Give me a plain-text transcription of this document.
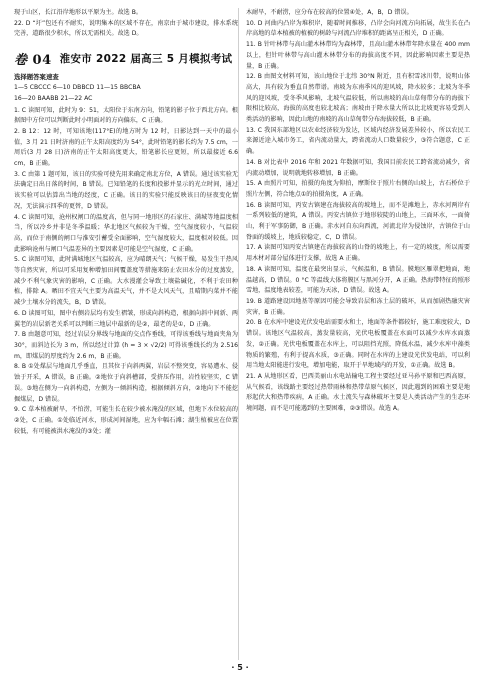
现于山区，长江沿岸地形以平原为主。故选 B。

22. D “圩”包还有不耐实，说明集本的区域不存在，南京由于城市建设，排水系统完善，道路很少积水，所以无需相关。故选 D。

卷 04 淮安市 2022 届高三 5 月模拟考试
选择题答案速查
1—5 CBCCC 6—10 DBBCD 11—15 BBCBA
16—20 BAABB 21—22 AC

1. C 读图可知，此时为 9：51，太阳位于东南方向，铅笔的影子位于西北方向。根据图中方位可以判断此时小明面对的方向偏东，C 正确。

2. B 12：12 时，可知该地(117°E)的地方时为 12 时，日影达到一天中的最小值，3 月 21 日时济南的正午太阳高度约为 54°，此时铅笔的影长约为 7.5 cm，一周后(3 月 28 日)济南的正午太阳高度更大，铅笔影长应更短，所以最接近 6.6 cm，B 正确。

3. C 由第 1 题可知，该日的实验可使先用来确定南北方位，A 错误。通过该实验无法确定日出日落的时间，B 错误。已知铅笔的长度和投影并显示的光立时间，通过该实验可以估算出当地的经度，C 正确。该日的实验只能反映该日的昼夜变化情况，无法演示四季的更替，D 错误。

4. C 读图可知，沧州权闸口的温度高，但与同一地形区的石家庄、满城等地温度相当，所以冷乡并非是冬季温暖；华北地区气候较为干燥，空气湿度较小，气温较高，而位于南侧的闸口与淮安引蓄受全面影响，空气湿度较大，温度相对较低。因此影响沧州与闸口气温差异的主要因素是可能是空气湿度，C 正确。

5. C 读图可知，此时满城地区气温较高，应为晴朗天气；气候干燥，易发生干热风等自然灾害，所以可采用复种增加田间覆盖度等措施来防止农田水分的过度蒸发，减少不利气象灾害的影响，C 正确。大水漫灌会导致土壤盐碱化，不利于农田种植，排除 A。晒田不宜天气主要为高温天气，并不是大风天气，且晴期内菜并不能减少土壤水分的流失，B，D 错误。

6. D 读图可知，图中右侧岩层均有发生褶皱，形成向斜构造，根据向斜中间新、两翼老的岩层新老关系可以判断三地层中最新的是②，最老的是①，D 正确。

7. B 由题意可知，经过岩层分界线与地面的交点作垂线，可得该垂线与地面夹角为 30°，而斜边长为 3 m，所以经过计算 (h = 3 × √2/2) 可得该垂线长约为 2.516 m，即煤层的厚度约为 2.6 m，B 正确。

8. B ①处煤层与地面几乎垂直，且其位于向斜两翼，岩层不整突变，容易遭水、侵蚀于开采，A 错误，B 正确。②地位于向斜槽部，受挤压作用，岩性较坚实，C 错误。③地在侧为一向斜构造，左侧为一倾斜构造，根据倾斜方向，②地向下不能挖掘煤层，D 错误。

9. C 草本植被耐旱，不怕涝，可能生长在较少被水淹没的区域，但地下水位较高的②处，C 正确。①处临近河水，形成河间湿地，应为伞幅石滩；湖生植被应在位置较低，有可能被洪水淹没的③处；灌

木耐旱，不耐涝，应分布在较高的位置④处，A，B，D 错误。

10. D 河曲内凸岸为堆积岸，随着时间推移，凸岸会向河流方向拓展，故生长在凸岸高地的草本植被的植被的树龄与河流凸岸堆积的距离呈正相关，D 正确。

11. B 针叶林带与高山灌木林带均为森林带，且高山灌木林带年降水量在 400 mm 以上，但针叶林带与高山灌木林带分布的海拔高度不同，因此影响因素主要是热量，B 正确。

12. B 由图文材料可知，该山地位于北纬 30°N 附近，且有积雪冰川带，说明山体高大，具有较为垂直自然带谱。南坡为东南季风的迎风坡，降水较多；北坡为冬季风的迎风坡，受冬季风影响，北坡气温较低，所以南坡的高山草甸带分布的海拔下限相比较高，海拔的高度也较北坡高；南坡由于降水量大所以比北坡更容易受到人类活动的影响，因此山地的南坡的高山草甸带分布海拔较低，B 正确。

13. C 我国东部地区以农业经济较为发达，区域内经济发展差异较小，所以农民工来源近途入城市务工，省内流动量大，跨省流动人口数量较少，③符合题意，C 正确。

14. B 对比表中 2016 年和 2021 年数据可知，我国目前农民工跨省流动减少，省内流动增加，说明就地转移增加，B 正确。

15. A 由照片可知，拍摄的角度为仰拍，摩斯位于照片右侧的山坡上，古石桥位于照片左侧，符合地点①的拍摄角度，A 正确。

16. B 读图可知，丙安古镇建在海拔较高的坡地上，而不是滩地上，赤水河两岸有一系列较低的建筑，A 错误。丙安古镇位于地形较陡的山地上，三面环水，一面倚山，利于军事防御，B 正确。赤水河自东向西流，河流北岸为侵蚀岸，古镇位于山脊面的缓坡上，地质较稳定，C，D 错误。

17. A 读图可知丙安古镇建在海拔较高的山脊的坡地上，有一定的坡度，所以需要用木材对部分屋体进行支撑，故选 A 正确。

18. A 读图可知，温度在最突出显示，气候温和，B 错误。膜地区雁翠把地面，地温越高，D 错误。0 °C 等温线大体将膜区与黑河分开，A 正确。热海带特征的照形雪地，温度地表较差，可能为天冰，D 错误。故选 A。

19. B 道路建设因地基等原因可能会导致岩层和冻土层的破坏，从而加剧热融灾害灾害，B 正确。

20. B 在水库中建设光伏发电站需要水和土，地面等条件都较好，施工难度较大，D 错误。该地区气温较高，蒸发量较高，光伏电板覆盖在水面可以减少水库水面蒸发，②正确。光伏电板覆盖在水库上，可以阻挡光照，降低水温，减少水库中藻类物质的繁殖，有利于提高水质，③正确。同时在水库的上建设光伏发电站，可以利用当地太阳能进行发电，增加电能，取开于旱地域内的开发，①正确。故选 B。

21. A 从地形区看，巴西美丽山水电站输电工程主要经过亚马孙平原和巴西高原，从气候看，该线路主要经过热带雨林和热带草原气候区，因此遇到的困难主要是地形起伏大和热带疾病，A 正确。水土流失与森林破坏主要是人类活动产生的生态环境问题，而不是可能遇到的主要困难，②③错误。故选 A。

· 5 ·
